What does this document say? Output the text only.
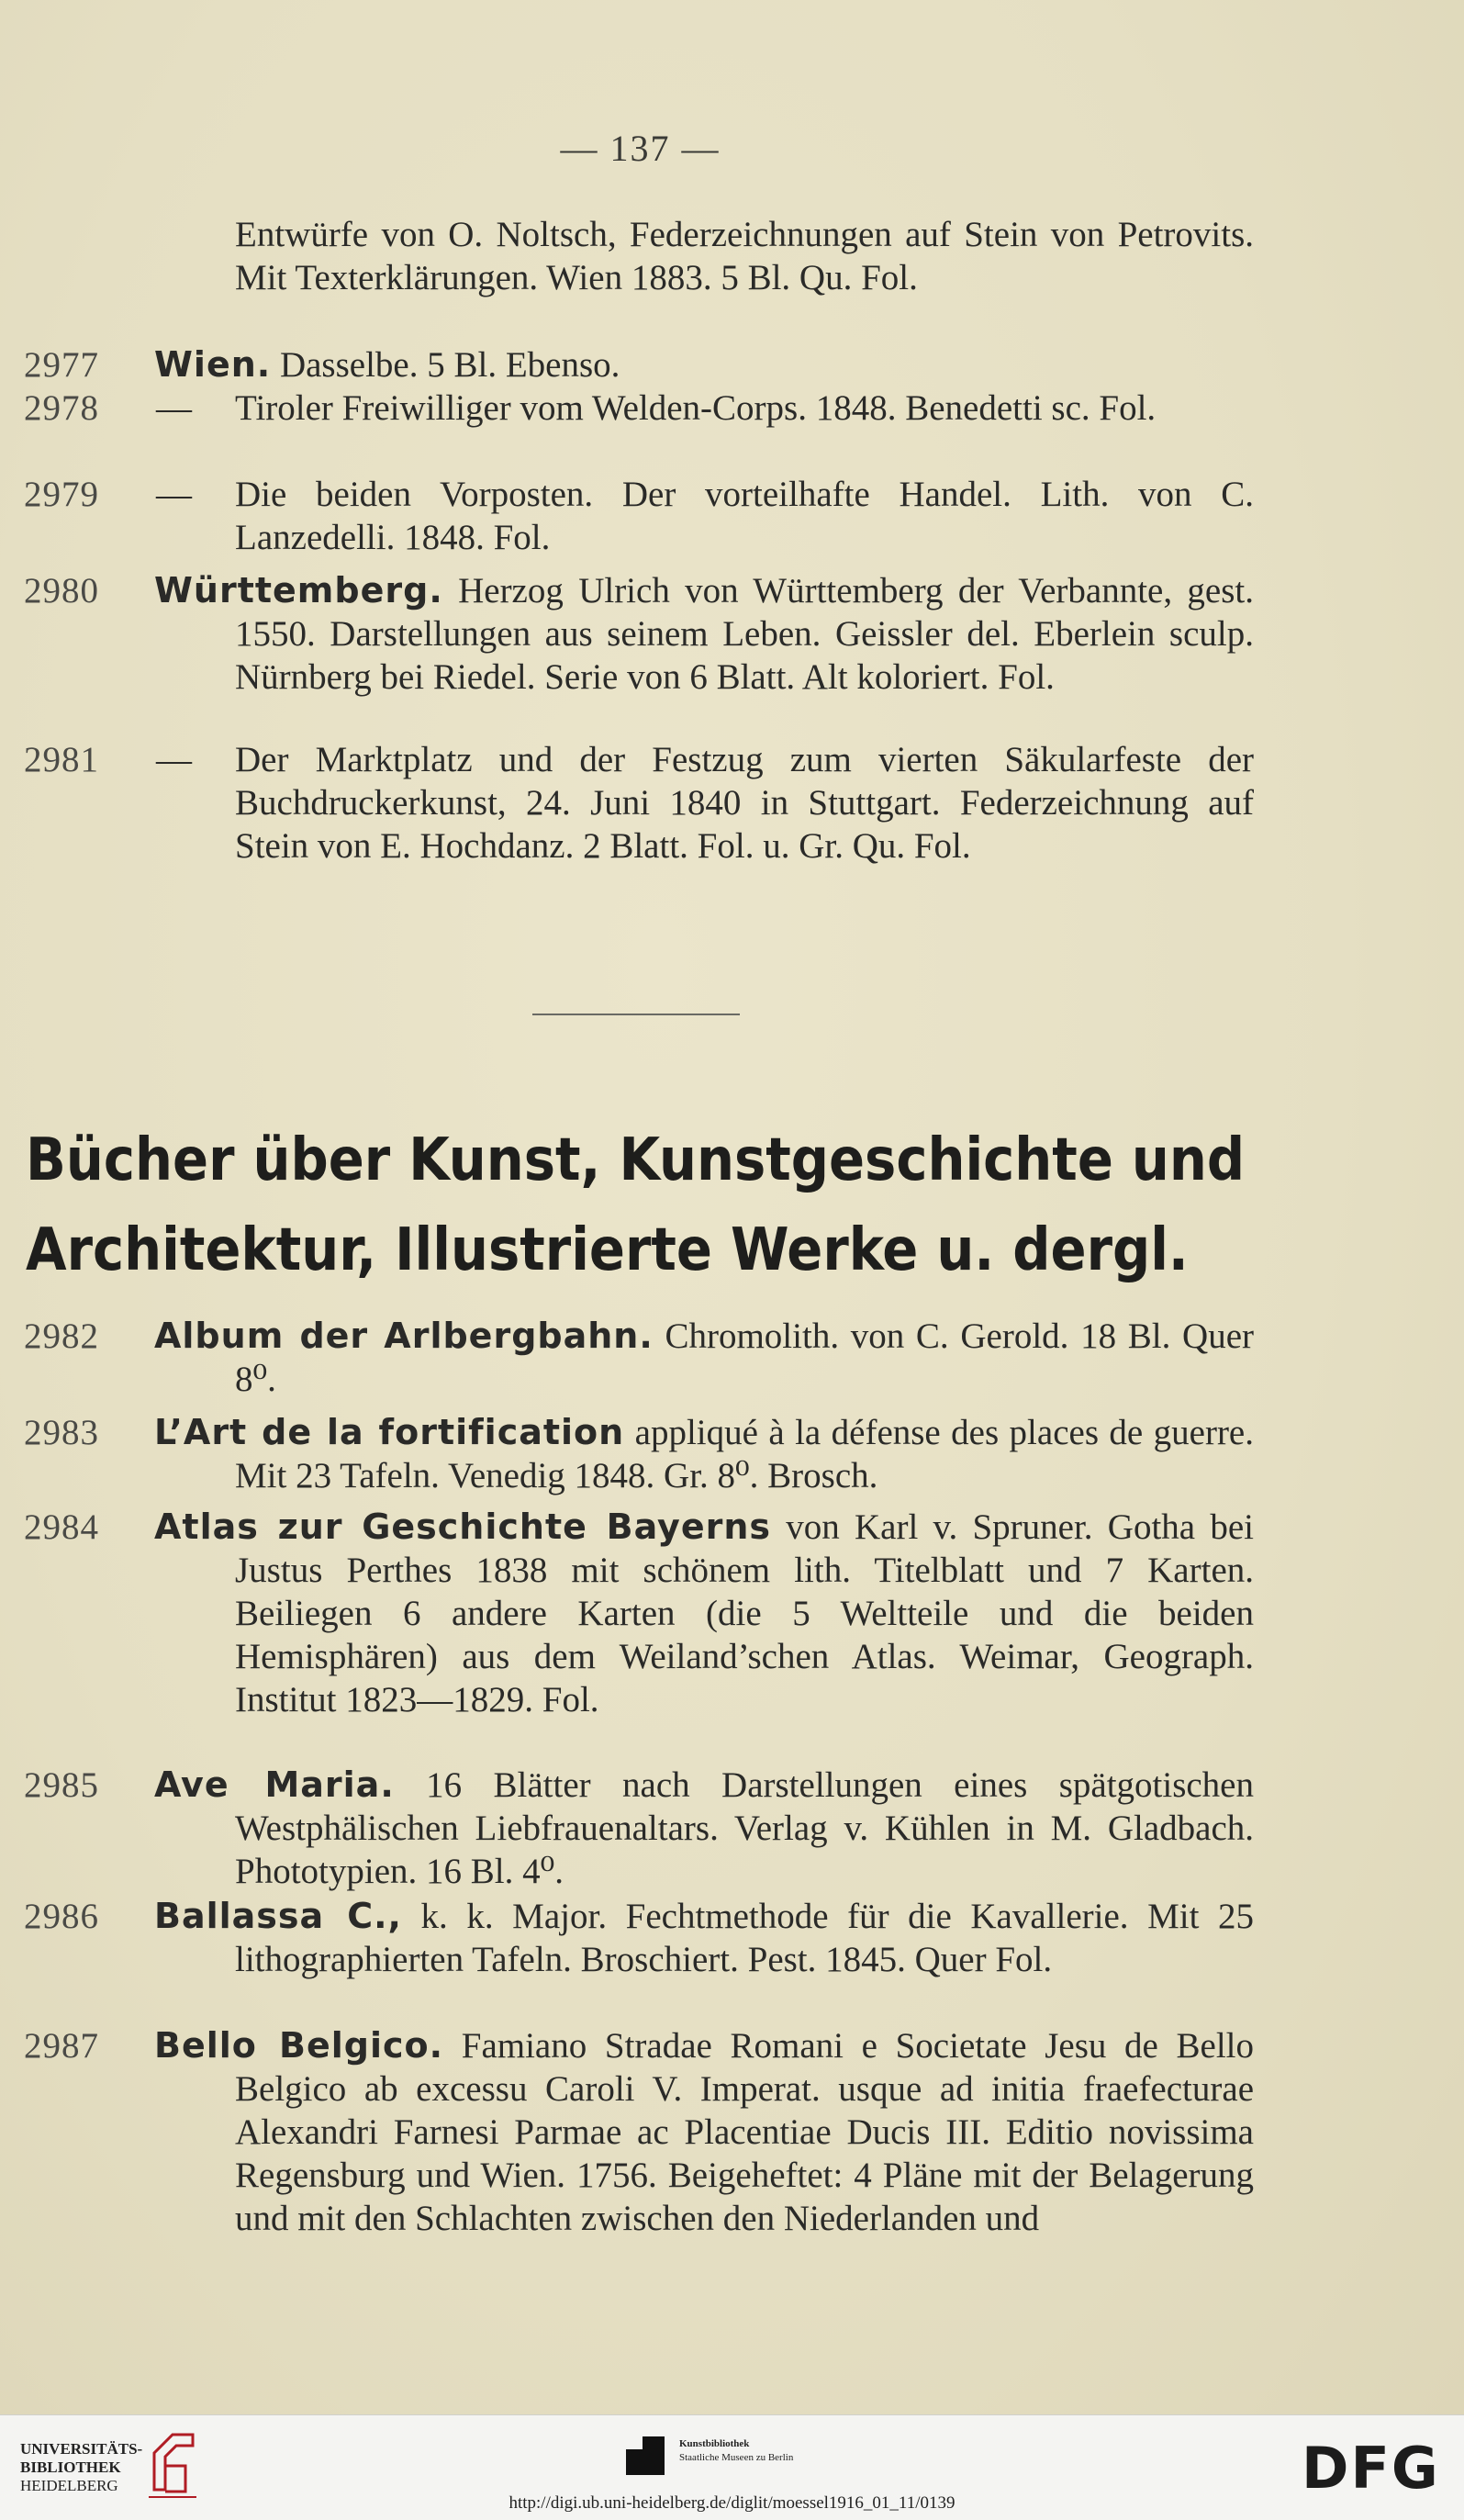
— 137 —
Entwürfe von O. Noltsch, Federzeichnungen auf Stein von Petrovits. Mit Texterklärungen. Wien 1883. 5 Bl. Qu. Fol.
2977 Wien. Dasselbe. 5 Bl. Ebenso.
2978 — Tiroler Freiwilliger vom Welden-Corps. 1848. Benedetti sc. Fol.
2979 — Die beiden Vorposten. Der vorteilhafte Handel. Lith. von C. Lanzedelli. 1848. Fol.
2980 Württemberg. Herzog Ulrich von Württemberg der Verbannte, gest. 1550. Darstellungen aus seinem Leben. Geissler del. Eberlein sculp. Nürnberg bei Riedel. Serie von 6 Blatt. Alt koloriert. Fol.
2981 — Der Marktplatz und der Festzug zum vierten Säkularfeste der Buchdruckerkunst, 24. Juni 1840 in Stuttgart. Federzeichnung auf Stein von E. Hochdanz. 2 Blatt. Fol. u. Gr. Qu. Fol.
Bücher über Kunst, Kunstgeschichte und Architektur, Illustrierte Werke u. dergl.
2982 Album der Arlbergbahn. Chromolith. von C. Gerold. 18 Bl. Quer 8⁰.
2983 L’Art de la fortification appliqué à la défense des places de guerre. Mit 23 Tafeln. Venedig 1848. Gr. 8⁰. Brosch.
2984 Atlas zur Geschichte Bayerns von Karl v. Spruner. Gotha bei Justus Perthes 1838 mit schönem lith. Titelblatt und 7 Karten. Beiliegen 6 andere Karten (die 5 Weltteile und die beiden Hemisphären) aus dem Weiland’schen Atlas. Weimar, Geograph. Institut 1823—1829. Fol.
2985 Ave Maria. 16 Blätter nach Darstellungen eines spätgotischen Westphälischen Liebfrauenaltars. Verlag v. Kühlen in M. Gladbach. Phototypien. 16 Bl. 4⁰.
2986 Ballassa C., k. k. Major. Fechtmethode für die Kavallerie. Mit 25 lithographierten Tafeln. Broschiert. Pest. 1845. Quer Fol.
2987 Bello Belgico. Famiano Stradae Romani e Societate Jesu de Bello Belgico ab excessu Caroli V. Imperat. usque ad initia fraefecturae Alexandri Farnesi Parmae ac Placentiae Ducis III. Editio novissima Regensburg und Wien. 1756. Beigeheftet: 4 Pläne mit der Belagerung und mit den Schlachten zwischen den Niederlanden und
UNIVERSITÄTS-
BIBLIOTHEK
HEIDELBERG
Kunstbibliothek
Staatliche Museen zu Berlin	DFG
http://digi.ub.uni-heidelberg.de/diglit/moessel1916_01_11/0139
